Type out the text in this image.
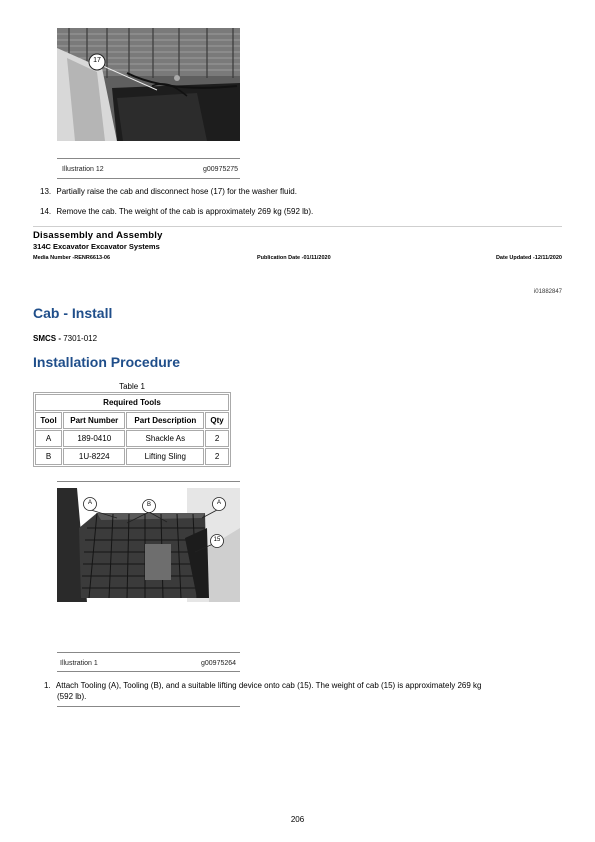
17
Illustration 12	g00975275
13. Partially raise the cab and disconnect hose (17) for the washer fluid.
14. Remove the cab. The weight of the cab is approximately 269 kg (592 lb).
Disassembly and Assembly
314C Excavator Excavator Systems
Media Number -RENR6613-06	Publication Date -01/11/2020	Date Updated -12/11/2020
i01882847
Cab - Install
SMCS - 7301-012
Installation Procedure
Table 1
Required Tools			
Tool	Part Number	Part Description	Qty
A	189-0410	Shackle As	2
B	1U-8224	Lifting Sling	2
A	B	A
15
Illustration 1	g00975264
1. Attach Tooling (A), Tooling (B), and a suitable lifting device onto cab (15). The weight of cab (15) is approximately 269 kg
(592 lb).
206
